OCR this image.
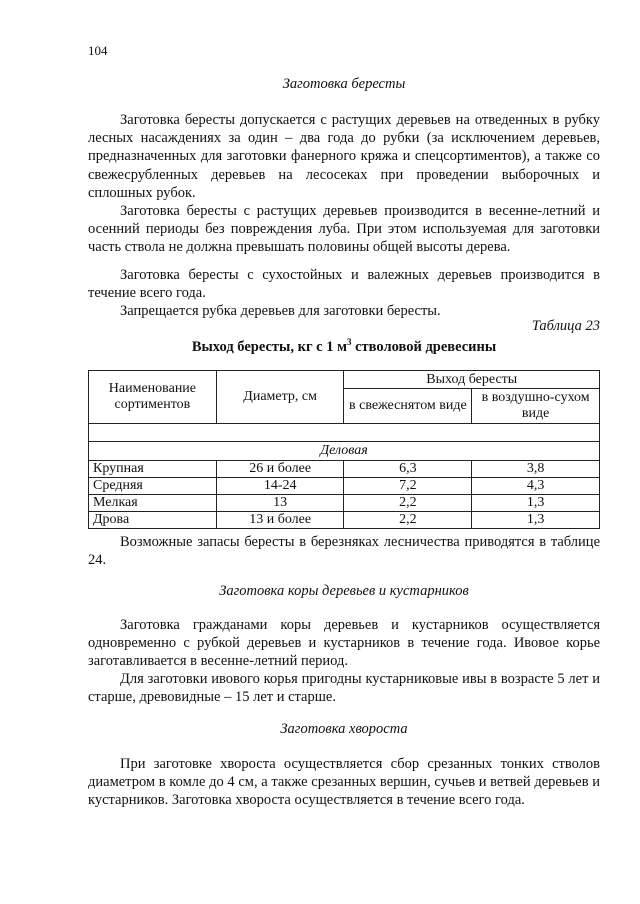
104
Заготовка бересты

Заготовка бересты допускается с растущих деревьев на отведенных в рубку лесных насаждениях за один – два года до рубки (за исключением деревьев, предназначенных для заготовки фанерного кряжа и спецсортиментов), а также со свежесрубленных деревьев на лесосеках при проведении выборочных и сплошных рубок.

Заготовка бересты с растущих деревьев производится в весенне-летний и осенний периоды без повреждения луба. При этом используемая для заготовки часть ствола не должна превышать половины общей высоты дерева.

Заготовка бересты с сухостойных и валежных деревьев производится в течение всего года.

Запрещается рубка деревьев для заготовки бересты.

Таблица 23
Выход бересты, кг с 1 $м^3$ стволовой древесины
Наименование сортиментов	Диаметр, см	Выход бересты	
		в свежеснятом виде	в воздушно-сухом виде

Деловая			
Крупная	26 и более	6,3	3,8
Средняя	14-24	7,2	4,3
Мелкая	13	2,2	1,3
Дрова	13 и более	2,2	1,3

Возможные запасы бересты в березняках лесничества приводятся в таблице 24.

Заготовка коры деревьев и кустарников

Заготовка гражданами коры деревьев и кустарников осуществляется одновременно с рубкой деревьев и кустарников в течение года. Ивовое корье заготавливается в весенне-летний период.

Для заготовки ивового корья пригодны кустарниковые ивы в возрасте 5 лет и старше, древовидные – 15 лет и старше.

Заготовка хвороста

При заготовке хвороста осуществляется сбор срезанных тонких стволов диаметром в комле до 4 см, а также срезанных вершин, сучьев и ветвей деревьев и кустарников. Заготовка хвороста осуществляется в течение всего года.
